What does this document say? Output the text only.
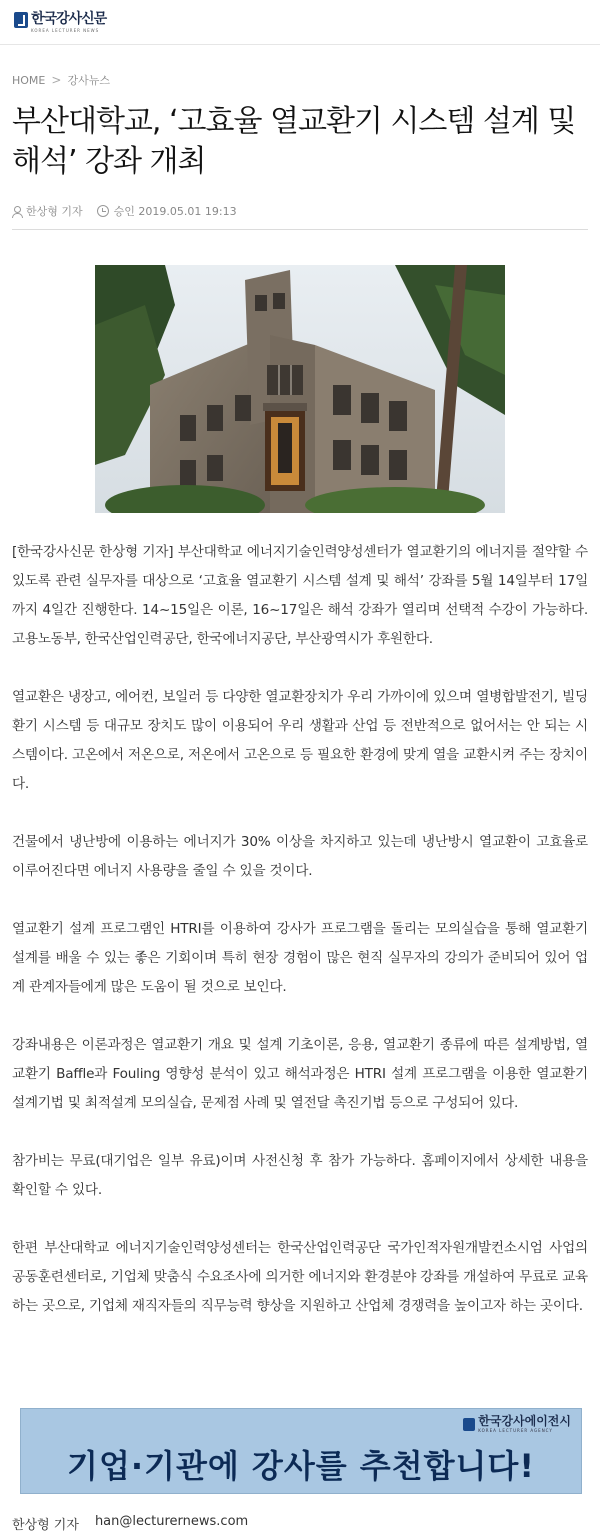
한국강사신문
KOREA LECTURER NEWS
HOME > 강사뉴스
부산대학교, ‘고효율 열교환기 시스템 설계 및 해석’ 강좌 개최
한상형 기자	승인 2019.05.01 19:13

[한국강사신문 한상형 기자] 부산대학교 에너지기술인력양성센터가 열교환기의 에너지를 절약할 수 있도록 관련 실무자를 대상으로 ‘고효율 열교환기 시스템 설계 및 해석’ 강좌를 5월 14일부터 17일까지 4일간 진행한다. 14~15일은 이론, 16~17일은 해석 강좌가 열리며 선택적 수강이 가능하다. 고용노동부, 한국산업인력공단, 한국에너지공단, 부산광역시가 후원한다.

열교환은 냉장고, 에어컨, 보일러 등 다양한 열교환장치가 우리 가까이에 있으며 열병합발전기, 빌딩 환기 시스템 등 대규모 장치도 많이 이용되어 우리 생활과 산업 등 전반적으로 없어서는 안 되는 시스템이다. 고온에서 저온으로, 저온에서 고온으로 등 필요한 환경에 맞게 열을 교환시켜 주는 장치이다.

건물에서 냉난방에 이용하는 에너지가 30% 이상을 차지하고 있는데 냉난방시 열교환이 고효율로 이루어진다면 에너지 사용량을 줄일 수 있을 것이다.

열교환기 설계 프로그램인 HTRI를 이용하여 강사가 프로그램을 돌리는 모의실습을 통해 열교환기 설계를 배울 수 있는 좋은 기회이며 특히 현장 경험이 많은 현직 실무자의 강의가 준비되어 있어 업계 관계자들에게 많은 도움이 될 것으로 보인다.

강좌내용은 이론과정은 열교환기 개요 및 설계 기초이론, 응용, 열교환기 종류에 따른 설계방법, 열교환기 Baffle과 Fouling 영향성 분석이 있고 해석과정은 HTRI 설계 프로그램을 이용한 열교환기 설계기법 및 최적설계 모의실습, 문제점 사례 및 열전달 촉진기법 등으로 구성되어 있다.

참가비는 무료(대기업은 일부 유료)이며 사전신청 후 참가 가능하다. 홈페이지에서 상세한 내용을 확인할 수 있다.

한편 부산대학교 에너지기술인력양성센터는 한국산업인력공단 국가인적자원개발컨소시엄 사업의 공동훈련센터로, 기업체 맞춤식 수요조사에 의거한 에너지와 환경분야 강좌를 개설하여 무료로 교육하는 곳으로, 기업체 재직자들의 직무능력 향상을 지원하고 산업체 경쟁력을 높이고자 하는 곳이다.

한국강사에이전시
KOREA LECTURER AGENCY
기업·기관에 강사를 추천합니다!
한상형 기자 han@lecturernews.com
